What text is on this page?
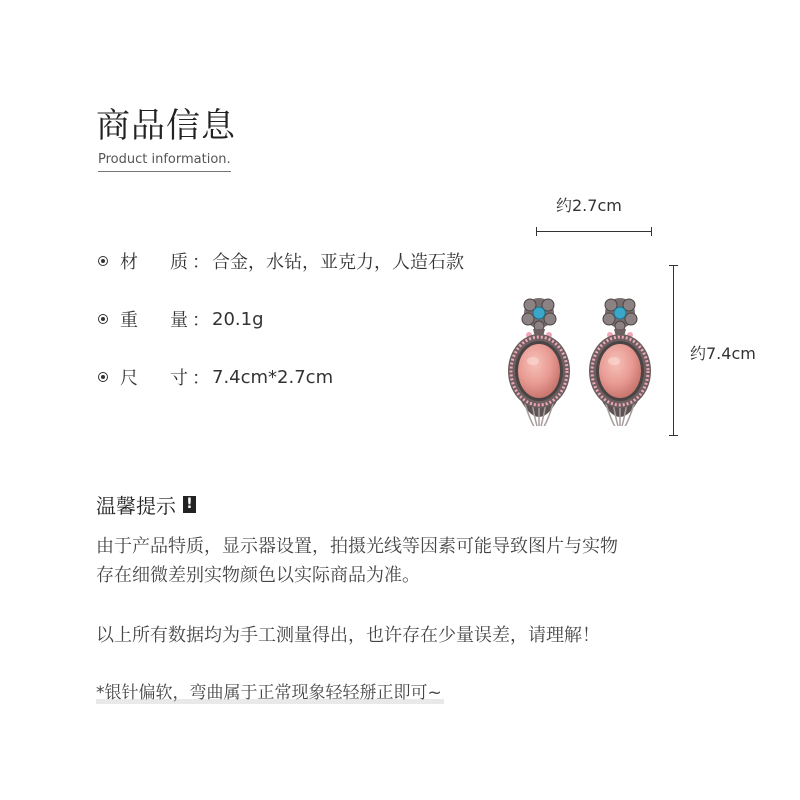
商品信息
Product information.
材	质 ： 合金，水钻，亚克力，人造石款
重	量 ： 20.1g
尺	寸 ： 7.4cm*2.7cm
约2.7cm
约7.4cm
温馨提示 !
由于产品特质，显示器设置，拍摄光线等因素可能导致图片与实物
存在细微差别实物颜色以实际商品为准。
以上所有数据均为手工测量得出，也许存在少量误差，请理解！
*银针偏软，弯曲属于正常现象轻轻掰正即可~
